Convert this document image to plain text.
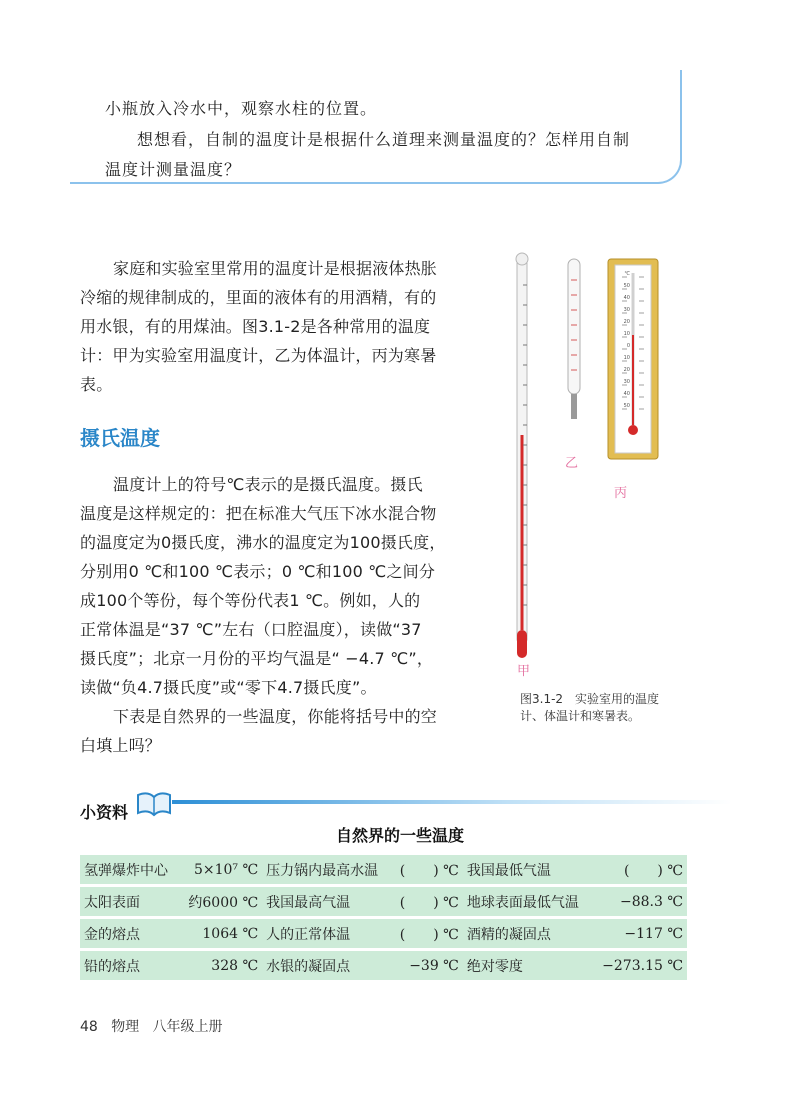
小瓶放入冷水中，观察水柱的位置。
想想看，自制的温度计是根据什么道理来测量温度的？怎样用自制
温度计测量温度？
家庭和实验室里常用的温度计是根据液体热胀
冷缩的规律制成的，里面的液体有的用酒精，有的
用水银，有的用煤油。图3.1-2是各种常用的温度
计：甲为实验室用温度计，乙为体温计，丙为寒暑
表。
摄氏温度
温度计上的符号℃表示的是摄氏温度。摄氏
温度是这样规定的：把在标准大气压下冰水混合物
的温度定为0摄氏度，沸水的温度定为100摄氏度，
分别用0 ℃和100 ℃表示；0 ℃和100 ℃之间分
成100个等份，每个等份代表1 ℃。例如，人的
正常体温是“37 ℃”左右（口腔温度），读做“37
摄氏度”；北京一月份的平均气温是“ −4.7 ℃”，
读做“负4.7摄氏度”或“零下4.7摄氏度”。
下表是自然界的一些温度，你能将括号中的空
白填上吗？
℃
50
40
30
20
10
0
10
20
30
40
50
甲
乙
丙
图3.1-2　实验室用的温度
计、体温计和寒暑表。
小资料
自然界的一些温度
氢弹爆炸中心	5×10⁷ ℃	压力锅内最高水温	(　　) ℃	我国最低气温	(　　) ℃
太阳表面	约6000 ℃	我国最高气温	(　　) ℃	地球表面最低气温	−88.3 ℃
金的熔点	1064 ℃	人的正常体温	(　　) ℃	酒精的凝固点	−117 ℃
铅的熔点	328 ℃	水银的凝固点	−39 ℃	绝对零度	−273.15 ℃
48 物理 八年级上册
